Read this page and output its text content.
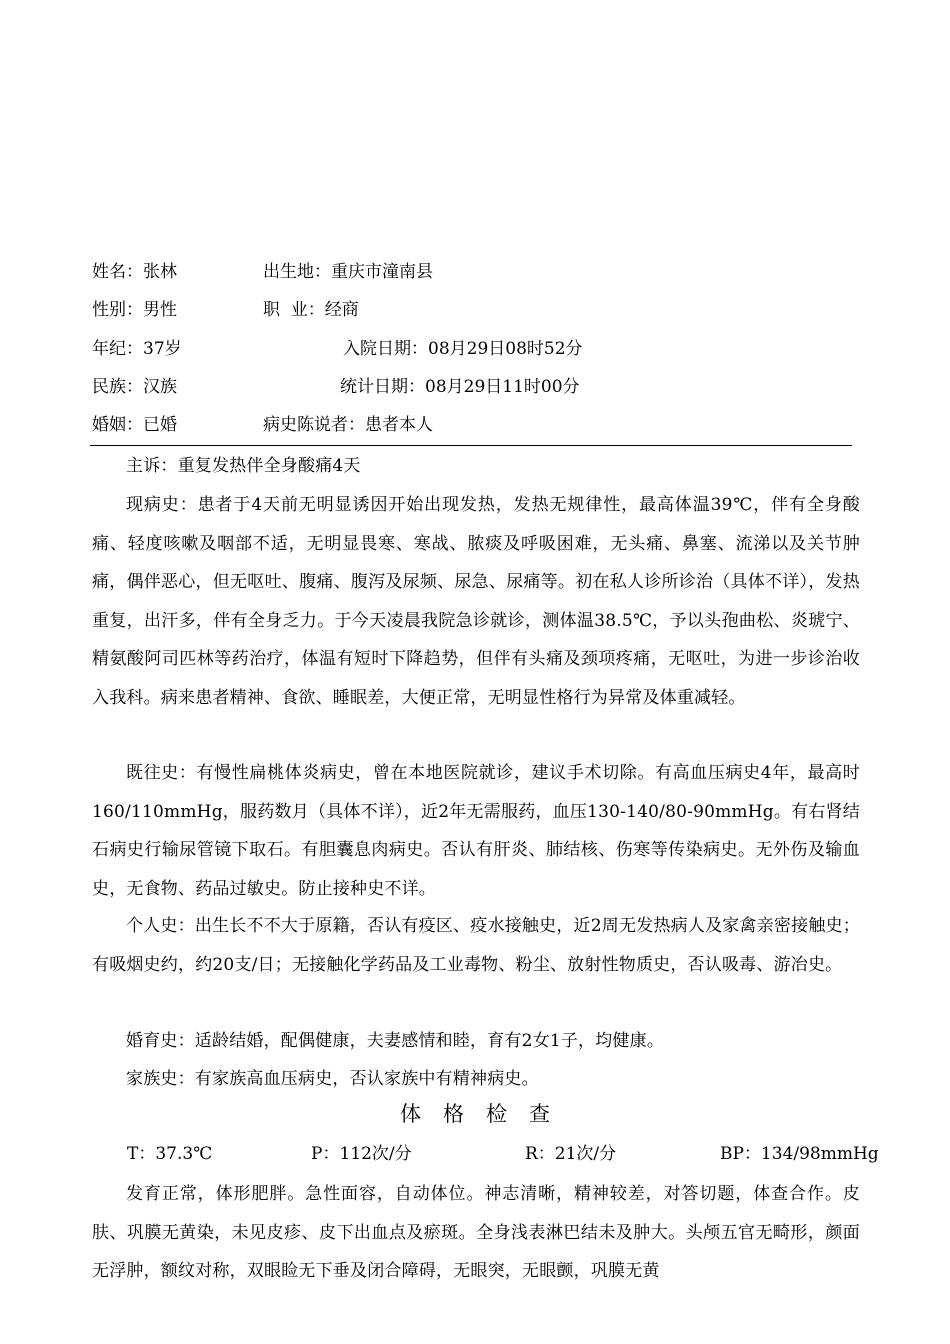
姓名：张林	出生地：重庆市潼南县
性别：男性	职  业：经商
年纪：37岁	入院日期：08月29日08时52分
民族：汉族	统计日期：08月29日11时00分
婚姻：已婚	病史陈说者：患者本人
主诉：重复发热伴全身酸痛4天
现病史：患者于4天前无明显诱因开始出现发热，发热无规律性，最高体温39℃，伴有全身酸痛、轻度咳嗽及咽部不适，无明显畏寒、寒战、脓痰及呼吸困难，无头痛、鼻塞、流涕以及关节肿痛，偶伴恶心，但无呕吐、腹痛、腹泻及尿频、尿急、尿痛等。初在私人诊所诊治（具体不详），发热重复，出汗多，伴有全身乏力。于今天凌晨我院急诊就诊，测体温38.5℃，予以头孢曲松、炎琥宁、精氨酸阿司匹林等药治疗，体温有短时下降趋势，但伴有头痛及颈项疼痛，无呕吐，为进一步诊治收入我科。病来患者精神、食欲、睡眠差，大便正常，无明显性格行为异常及体重减轻。
既往史：有慢性扁桃体炎病史，曾在本地医院就诊，建议手术切除。有高血压病史4年，最高时160/110mmHg，服药数月（具体不详），近2年无需服药，血压130-140/80-90mmHg。有右肾结石病史行输尿管镜下取石。有胆囊息肉病史。否认有肝炎、肺结核、伤寒等传染病史。无外伤及输血史，无食物、药品过敏史。防止接种史不详。
个人史：出生长不不大于原籍，否认有疫区、疫水接触史，近2周无发热病人及家禽亲密接触史；有吸烟史约，约20支/日；无接触化学药品及工业毒物、粉尘、放射性物质史，否认吸毒、游冶史。
婚育史：适龄结婚，配偶健康，夫妻感情和睦，育有2女1子，均健康。
家族史：有家族高血压病史，否认家族中有精神病史。
体格检查
T：37.3℃	P：112次/分	R：21次/分	BP：134/98mmHg
发育正常，体形肥胖。急性面容，自动体位。神志清晰，精神较差，对答切题，体查合作。皮肤、巩膜无黄染，未见皮疹、皮下出血点及瘀斑。全身浅表淋巴结未及肿大。头颅五官无畸形，颜面无浮肿，额纹对称，双眼睑无下垂及闭合障碍，无眼突，无眼颤，巩膜无黄
